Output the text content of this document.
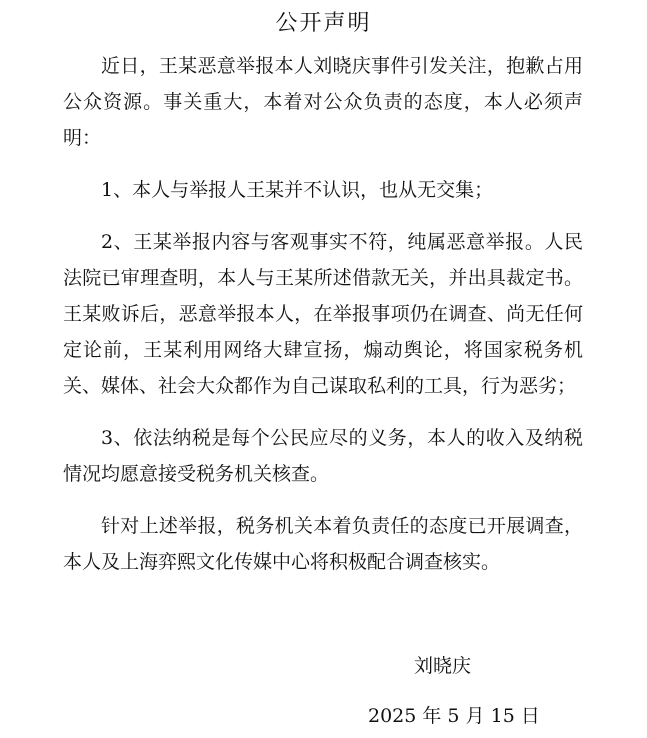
公开声明

近日，王某恶意举报本人刘晓庆事件引发关注，抱歉占用公众资源。事关重大，本着对公众负责的态度，本人必须声明：

1、本人与举报人王某并不认识，也从无交集；

2、王某举报内容与客观事实不符，纯属恶意举报。人民法院已审理查明，本人与王某所述借款无关，并出具裁定书。王某败诉后，恶意举报本人，在举报事项仍在调查、尚无任何定论前，王某利用网络大肆宣扬，煽动舆论，将国家税务机关、媒体、社会大众都作为自己谋取私利的工具，行为恶劣；

3、依法纳税是每个公民应尽的义务，本人的收入及纳税情况均愿意接受税务机关核查。

针对上述举报，税务机关本着负责任的态度已开展调查，本人及上海弈熙文化传媒中心将积极配合调查核实。

刘晓庆
2025 年 5 月 15 日
